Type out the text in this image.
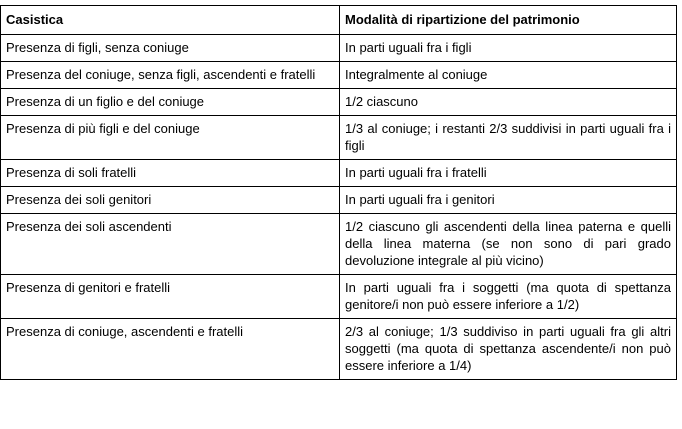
Casistica	Modalità di ripartizione del patrimonio
Presenza di figli, senza coniuge	In parti uguali fra i figli
Presenza del coniuge, senza figli, ascendenti e fratelli	Integralmente al coniuge
Presenza di un figlio e del coniuge	1/2 ciascuno
Presenza di più figli e del coniuge	1/3 al coniuge; i restanti 2/3 suddivisi in parti uguali fra i figli
Presenza di soli fratelli	In parti uguali fra i fratelli
Presenza dei soli genitori	In parti uguali fra i genitori
Presenza dei soli ascendenti	1/2 ciascuno gli ascendenti della linea paterna e quelli della linea materna (se non sono di pari grado devoluzione integrale al più vicino)
Presenza di genitori e fratelli	In parti uguali fra i soggetti (ma quota di spettanza genitore/i non può essere inferiore a 1/2)
Presenza di coniuge, ascendenti e fratelli	2/3 al coniuge; 1/3 suddiviso in parti uguali fra gli altri soggetti (ma quota di spettanza ascendente/i non può essere inferiore a 1/4)
